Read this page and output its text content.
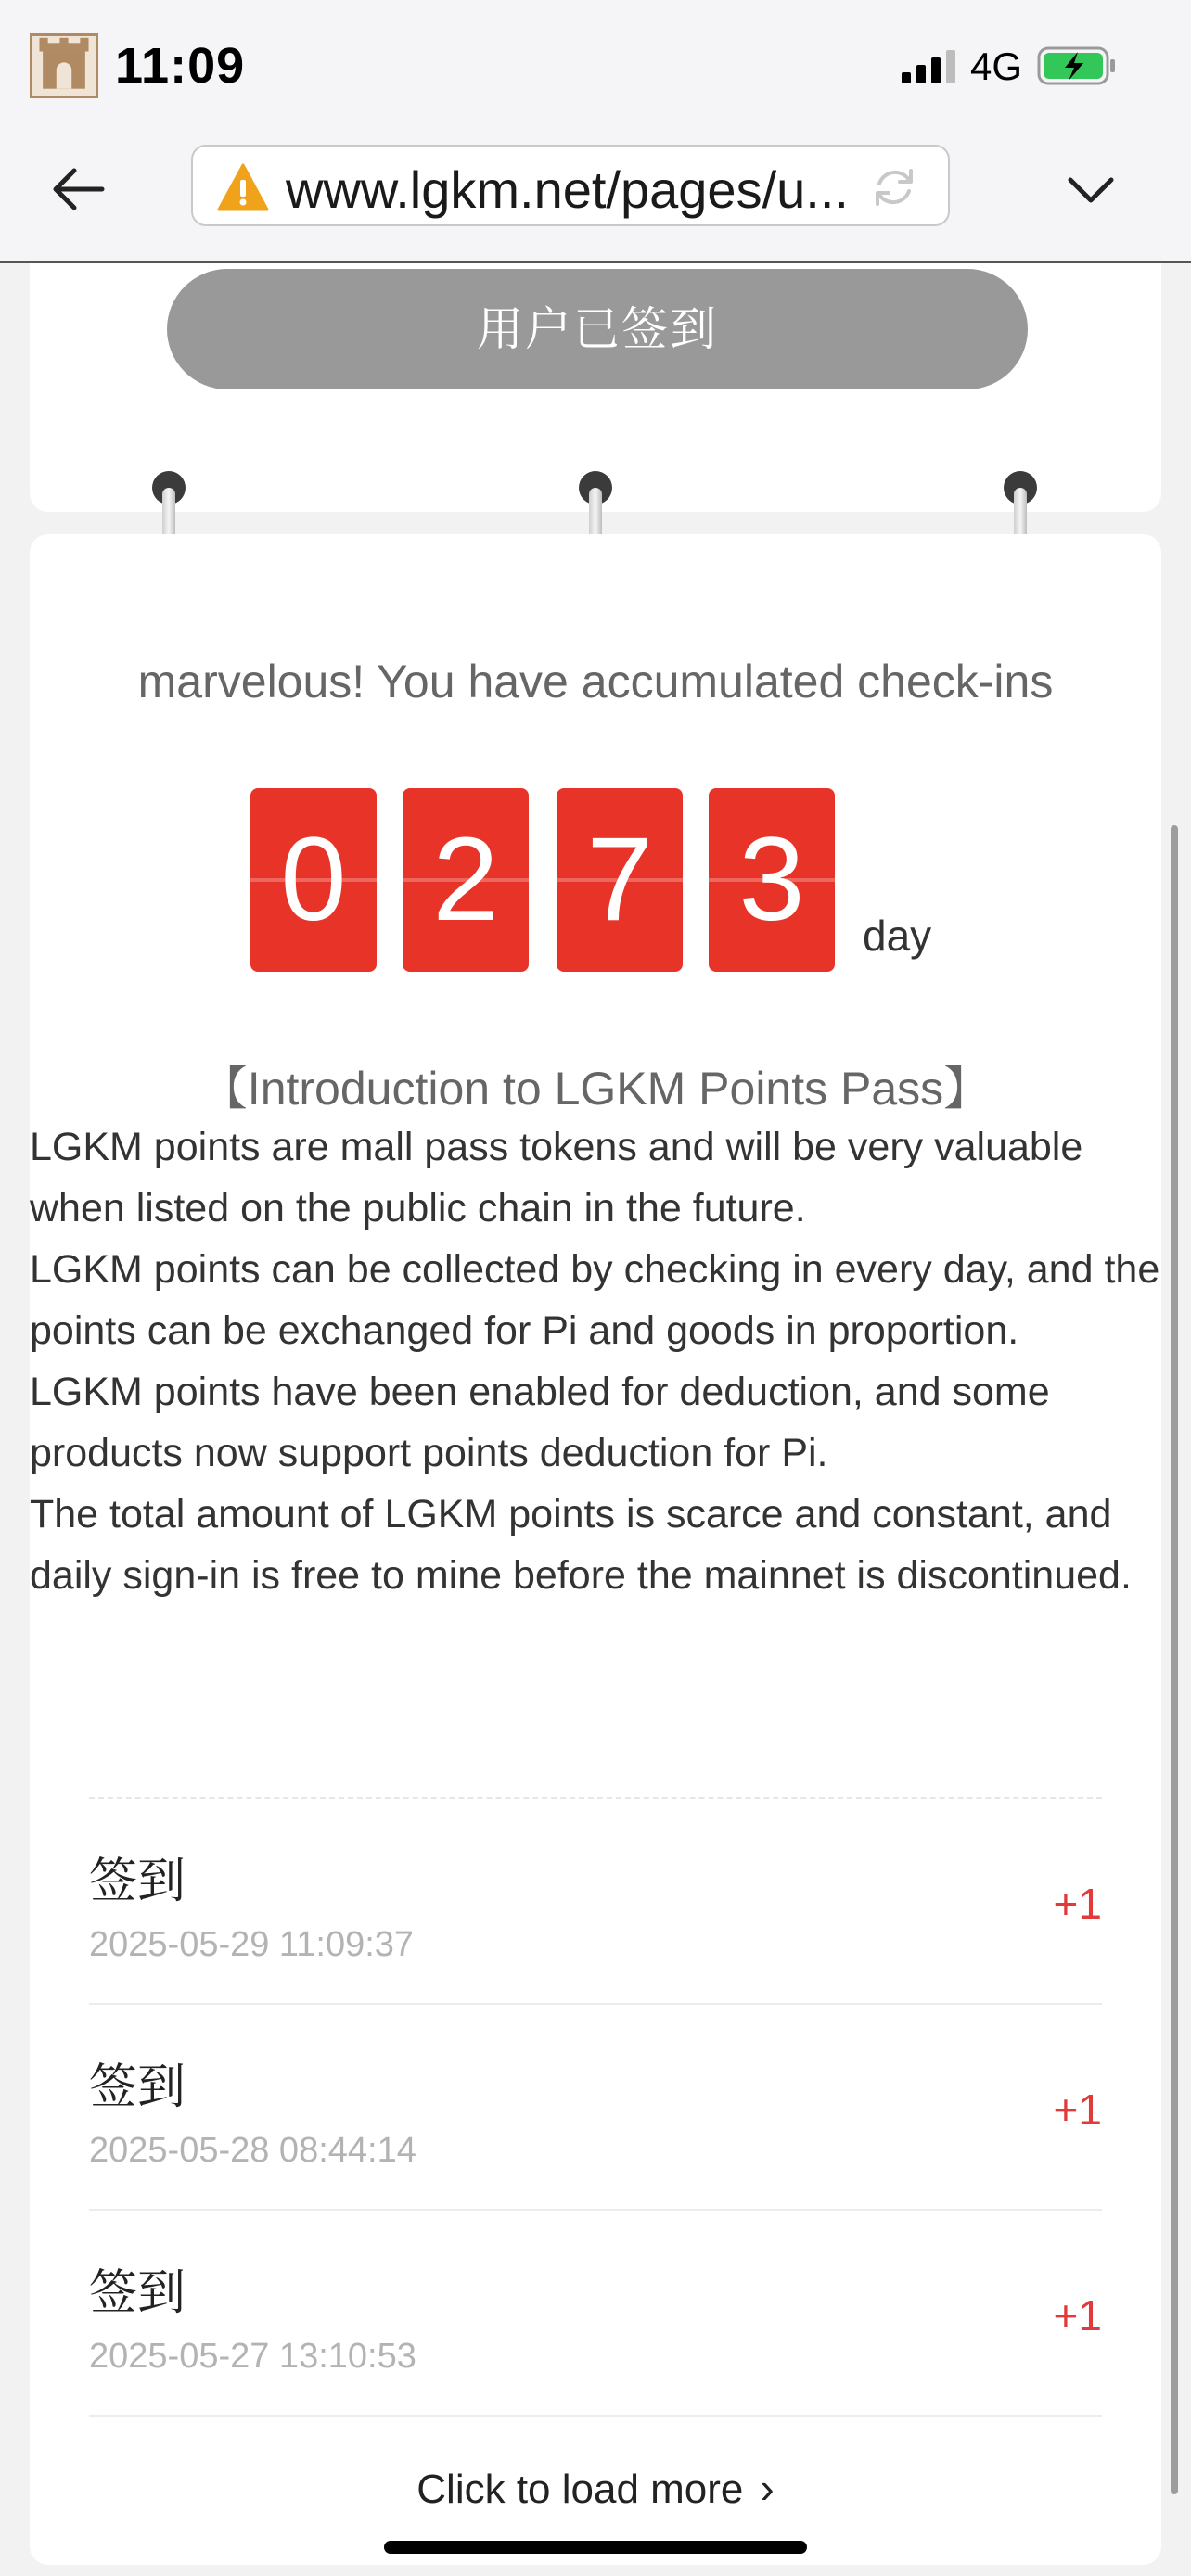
11:09	4G
www.lgkm.net/pages/u...
用户已签到
marvelous! You have accumulated check-ins
0 2 7 3	day
【Introduction to LGKM Points Pass】

LGKM points are mall pass tokens and will be very valuable when listed on the public chain in the future.

LGKM points can be collected by checking in every day, and the points can be exchanged for Pi and goods in proportion.

LGKM points have been enabled for deduction, and some products now support points deduction for Pi.

The total amount of LGKM points is scarce and constant, and daily sign-in is free to mine before the mainnet is discontinued.

签到
2025-05-29 11:09:37
+1
签到
2025-05-28 08:44:14
+1
签到
2025-05-27 13:10:53
+1
Click to load more ›
